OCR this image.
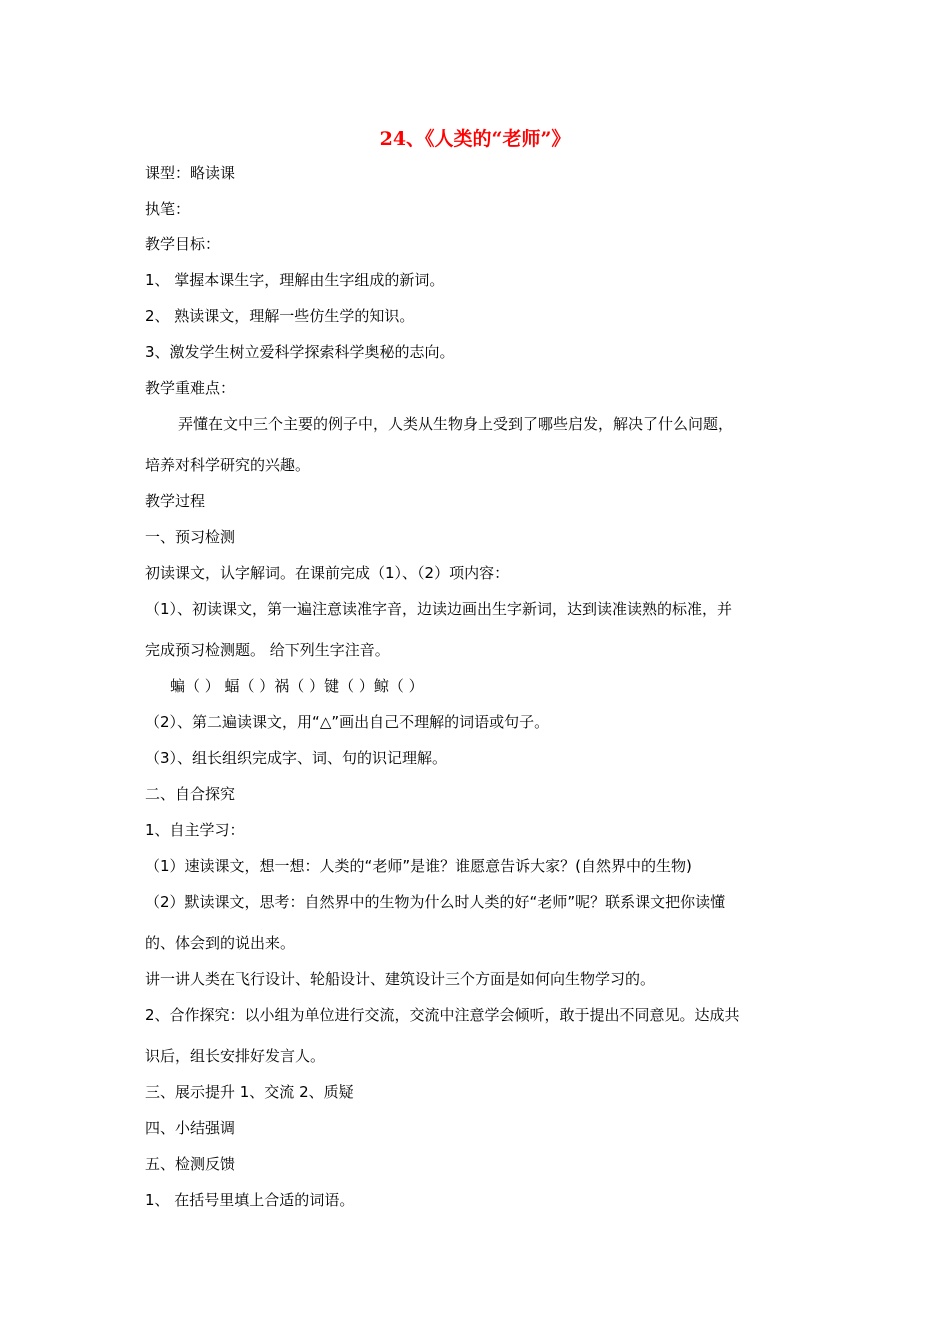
24、《人类的“老师”》
课型：略读课
执笔：
教学目标：
1、 掌握本课生字，理解由生字组成的新词。
2、 熟读课文，理解一些仿生学的知识。
3、激发学生树立爱科学探索科学奥秘的志向。
教学重难点：
弄懂在文中三个主要的例子中，人类从生物身上受到了哪些启发，解决了什么问题，
培养对科学研究的兴趣。
教学过程
一、预习检测
初读课文，认字解词。在课前完成（1）、（2）项内容：
（1）、初读课文，第一遍注意读准字音，边读边画出生字新词，达到读准读熟的标准，并
完成预习检测题。 给下列生字注音。
蝙（ ） 蝠（ ）祸（ ）键（ ）鲸（ ）
（2）、第二遍读课文，用“△”画出自己不理解的词语或句子。
（3）、组长组织完成字、词、句的识记理解。
二、自合探究
1、自主学习：
（1）速读课文，想一想：人类的“老师”是谁？谁愿意告诉大家？(自然界中的生物)
（2）默读课文，思考：自然界中的生物为什么时人类的好“老师”呢？联系课文把你读懂
的、体会到的说出来。
讲一讲人类在飞行设计、轮船设计、建筑设计三个方面是如何向生物学习的。
2、合作探究：以小组为单位进行交流，交流中注意学会倾听，敢于提出不同意见。达成共
识后，组长安排好发言人。
三、展示提升 1、交流 2、质疑
四、小结强调
五、检测反馈
1、 在括号里填上合适的词语。
